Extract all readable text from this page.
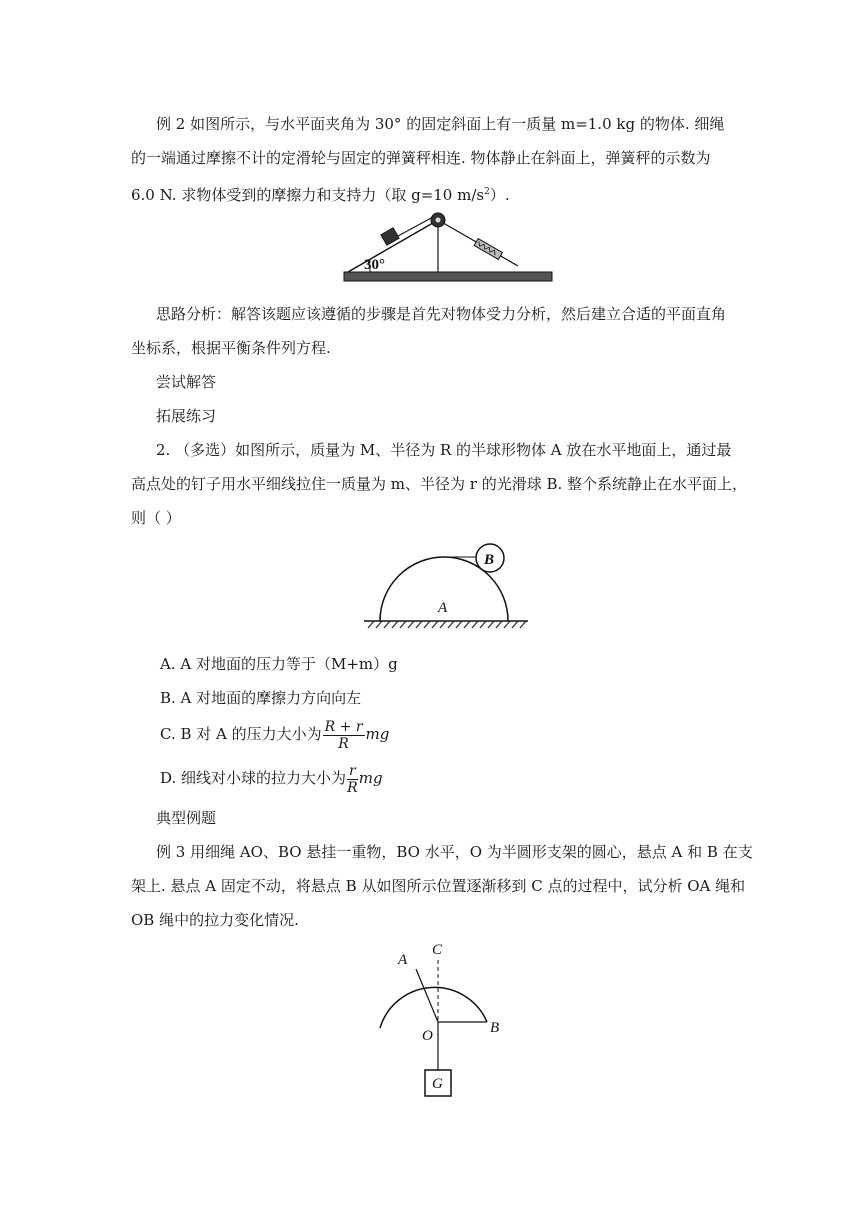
例 2 如图所示，与水平面夹角为 30° 的固定斜面上有一质量 m=1.0 kg 的物体. 细绳
的一端通过摩擦不计的定滑轮与固定的弹簧秤相连. 物体静止在斜面上，弹簧秤的示数为
6.0 N. 求物体受到的摩擦力和支持力（取 g=10 $m/s^2$）.
30°
思路分析：解答该题应该遵循的步骤是首先对物体受力分析，然后建立合适的平面直角
坐标系，根据平衡条件列方程.
尝试解答
拓展练习
2. （多选）如图所示，质量为 M、半径为 R 的半球形物体 A 放在水平地面上，通过最
高点处的钉子用水平细线拉住一质量为 m、半径为 r 的光滑球 B. 整个系统静止在水平面上，
则（ ）
B
A
A. A 对地面的压力等于（M+m）g
B. A 对地面的摩擦力方向向左
C. B 对 A 的压力大小为 $\frac{R + r}{R}$ mg
D. 细线对小球的拉力大小为 $\frac{r}{R}$ mg
典型例题
例 3 用细绳 AO、BO 悬挂一重物，BO 水平，O 为半圆形支架的圆心，悬点 A 和 B 在支
架上. 悬点 A 固定不动，将悬点 B 从如图所示位置逐渐移到 C 点的过程中，试分析 OA 绳和
OB 绳中的拉力变化情况.
G
A
C
O	B
